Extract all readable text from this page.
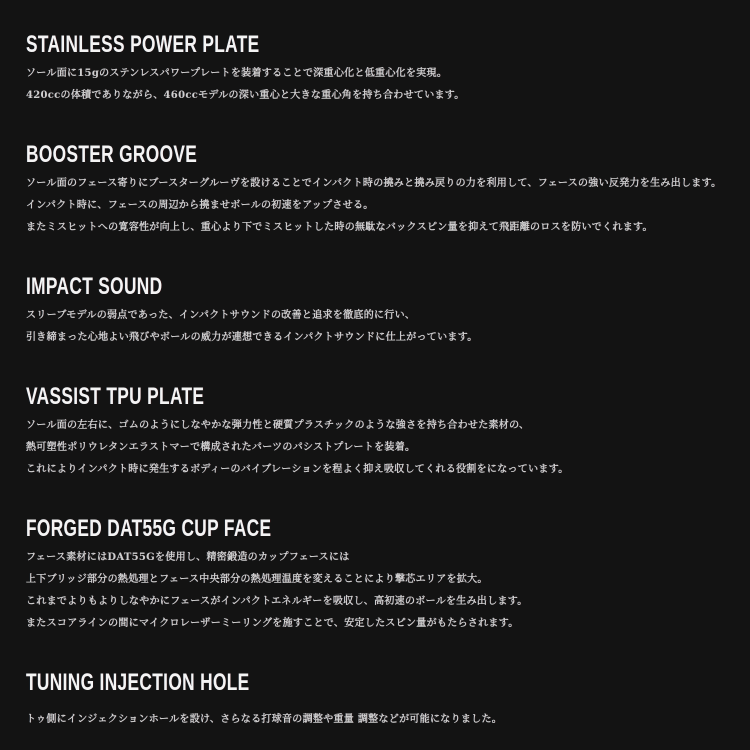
STAINLESS POWER PLATE

ソール面に15gのステンレスパワープレートを装着することで深重心化と低重心化を実現。

420ccの体積でありながら、460ccモデルの深い重心と大きな重心角を持ち合わせています。

BOOSTER GROOVE

ソール面のフェース寄りにブースターグルーヴを設けることでインパクト時の撓みと撓み戻りの力を利用して、フェースの強い反発力を生み出します。

インパクト時に、フェースの周辺から撓ませボールの初速をアップさせる。

またミスヒットへの寛容性が向上し、重心より下でミスヒットした時の無駄なバックスピン量を抑えて飛距離のロスを防いでくれます。

IMPACT SOUND

スリーブモデルの弱点であった、インパクトサウンドの改善と追求を徹底的に行い、

引き締まった心地よい飛びやボールの威力が連想できるインパクトサウンドに仕上がっています。

VASSIST TPU PLATE

ソール面の左右に、ゴムのようにしなやかな弾力性と硬質プラスチックのような強さを持ち合わせた素材の、

熱可塑性ポリウレタンエラストマーで構成されたパーツのパシストプレートを装着。

これによりインパクト時に発生するボディーのバイブレーションを程よく抑え吸収してくれる役割をになっています。

FORGED DAT55G CUP FACE

フェース素材にはDAT55Gを使用し、精密鍛造のカップフェースには

上下ブリッジ部分の熱処理とフェース中央部分の熱処理温度を変えることにより撃芯エリアを拡大。

これまでよりもよりしなやかにフェースがインパクトエネルギーを吸収し、高初速のボールを生み出します。

またスコアラインの間にマイクロレーザーミーリングを施すことで、安定したスピン量がもたらされます。

TUNING INJECTION HOLE

トゥ側にインジェクションホールを設け、さらなる打球音の調整や重量 調整などが可能になりました。
